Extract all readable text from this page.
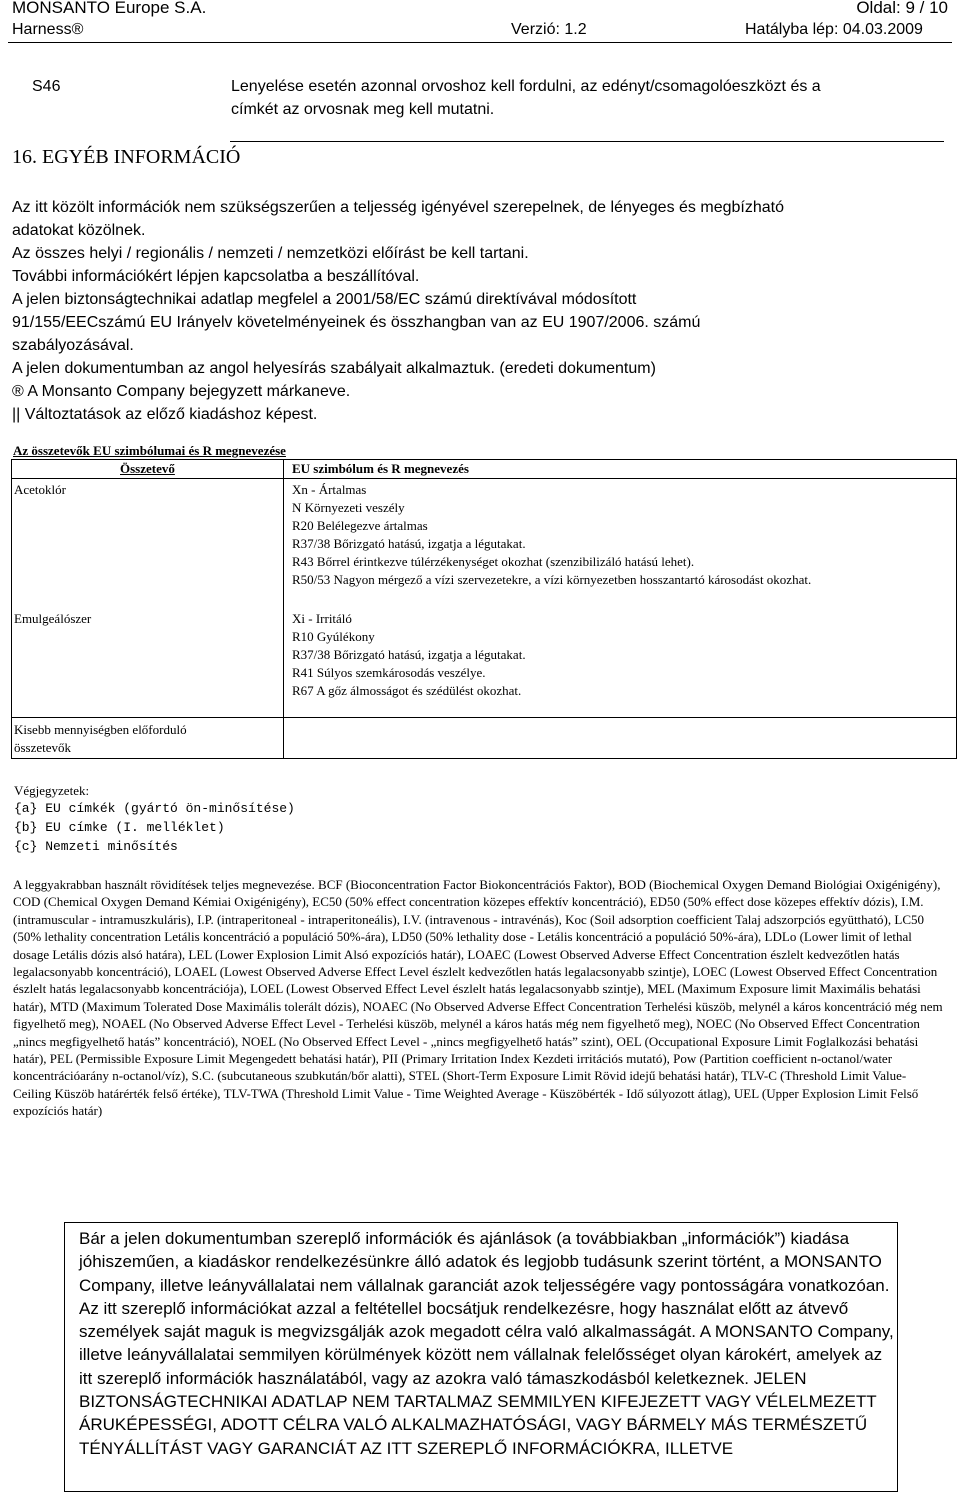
MONSANTO Europe S.A.	Oldal: 9 / 10
Harness®	Verzió: 1.2	Hatályba lép: 04.03.2009
S46	Lenyelése esetén azonnal orvoshoz kell fordulni, az edényt/csomagolóeszközt és a
címkét az orvosnak meg kell mutatni.
16. EGYÉB INFORMÁCIÓ
Az itt közölt információk nem szükségszerűen a teljesség igényével szerepelnek, de lényeges és megbízható
adatokat közölnek.
Az összes helyi / regionális / nemzeti / nemzetközi előírást be kell tartani.
További információkért lépjen kapcsolatba a beszállítóval.
A jelen biztonságtechnikai adatlap megfelel a 2001/58/EC számú direktívával módosított
91/155/EECszámú EU Irányelv követelményeinek és összhangban van az EU 1907/2006. számú
szabályozásával.
A jelen dokumentumban az angol helyesírás szabályait alkalmaztuk. (eredeti dokumentum)
® A Monsanto Company bejegyzett márkaneve.
|| Változtatások az előző kiadáshoz képest.
Az összetevők EU szimbólumai és R megnevezése
Összetevő	EU szimbólum és R megnevezés
Acetoklór	Xn - Ártalmas
N Környezeti veszély
R20 Belélegezve ártalmas
R37/38 Bőrizgató hatású, izgatja a légutakat.
R43 Bőrrel érintkezve túlérzékenységet okozhat (szenzibilizáló hatású lehet).
R50/53 Nagyon mérgező a vízi szervezetekre, a vízi környezetben hosszantartó károsodást okozhat.
Emulgeálószer	Xi - Irritáló
R10 Gyúlékony
R37/38 Bőrizgató hatású, izgatja a légutakat.
R41 Súlyos szemkárosodás veszélye.
R67 A gőz álmosságot és szédülést okozhat.
Kisebb mennyiségben előforduló
összetevők
Végjegyzetek:
{a} EU címkék (gyártó ön-minősítése)
{b} EU címke (I. melléklet)
{c} Nemzeti minősítés
A leggyakrabban használt rövidítések teljes megnevezése. BCF (Bioconcentration Factor Biokoncentrációs Faktor), BOD (Biochemical Oxygen Demand Biológiai Oxigénigény), COD (Chemical Oxygen Demand Kémiai Oxigénigény), EC50 (50% effect concentration közepes effektív koncentráció), ED50 (50% effect dose közepes effektív dózis), I.M. (intramuscular - intramuszkuláris), I.P. (intraperitoneal - intraperitoneális), I.V. (intravenous - intravénás), Koc (Soil adsorption coefficient Talaj adszorpciós együttható), LC50 (50% lethality concentration Letális koncentráció a populáció 50%-ára), LD50 (50% lethality dose - Letális koncentráció a populáció 50%-ára), LDLo (Lower limit of lethal dosage Letális dózis alsó határa), LEL (Lower Explosion Limit Alsó expozíciós határ), LOAEC (Lowest Observed Adverse Effect Concentration észlelt kedvezőtlen hatás legalacsonyabb koncentráció), LOAEL (Lowest Observed Adverse Effect Level észlelt kedvezőtlen hatás legalacsonyabb szintje), LOEC (Lowest Observed Effect Concentration észlelt hatás legalacsonyabb koncentrációja), LOEL (Lowest Observed Effect Level észlelt hatás legalacsonyabb szintje), MEL (Maximum Exposure limit Maximális behatási határ), MTD (Maximum Tolerated Dose Maximális tolerált dózis), NOAEC (No Observed Adverse Effect Concentration Terhelési küszöb, melynél a káros koncentráció még nem figyelhető meg), NOAEL (No Observed Adverse Effect Level - Terhelési küszöb, melynél a káros hatás még nem figyelhető meg), NOEC (No Observed Effect Concentration „nincs megfigyelhető hatás” koncentráció), NOEL (No Observed Effect Level - „nincs megfigyelhető hatás” szint), OEL (Occupational Exposure Limit Foglalkozási behatási határ), PEL (Permissible Exposure Limit Megengedett behatási határ), PII (Primary Irritation Index Kezdeti irritációs mutató), Pow (Partition coefficient n-octanol/water koncentrációarány n-octanol/víz), S.C. (subcutaneous szubkután/bőr alatti), STEL (Short-Term Exposure Limit Rövid idejű behatási határ), TLV-C (Threshold Limit Value-Ceiling Küszöb határérték felső értéke), TLV-TWA (Threshold Limit Value - Time Weighted Average - Küszöbérték - Idő súlyozott átlag), UEL (Upper Explosion Limit Felső expozíciós határ)
Bár a jelen dokumentumban szereplő információk és ajánlások (a továbbiakban „információk”) kiadása jóhiszeműen, a kiadáskor rendelkezésünkre álló adatok és legjobb tudásunk szerint történt, a MONSANTO Company, illetve leányvállalatai nem vállalnak garanciát azok teljességére vagy pontosságára vonatkozóan. Az itt szereplő információkat azzal a feltétellel bocsátjuk rendelkezésre, hogy használat előtt az átvevő személyek saját maguk is megvizsgálják azok megadott célra való alkalmasságát. A MONSANTO Company, illetve leányvállalatai semmilyen körülmények között nem vállalnak felelősséget olyan károkért, amelyek az itt szereplő információk használatából, vagy az azokra való támaszkodásból keletkeznek. JELEN BIZTONSÁGTECHNIKAI ADATLAP NEM TARTALMAZ SEMMILYEN KIFEJEZETT VAGY VÉLELMEZETT ÁRUKÉPESSÉGI, ADOTT CÉLRA VALÓ ALKALMAZHATÓSÁGI, VAGY BÁRMELY MÁS TERMÉSZETŰ TÉNYÁLLÍTÁST VAGY GARANCIÁT AZ ITT SZEREPLŐ INFORMÁCIÓKRA, ILLETVE
